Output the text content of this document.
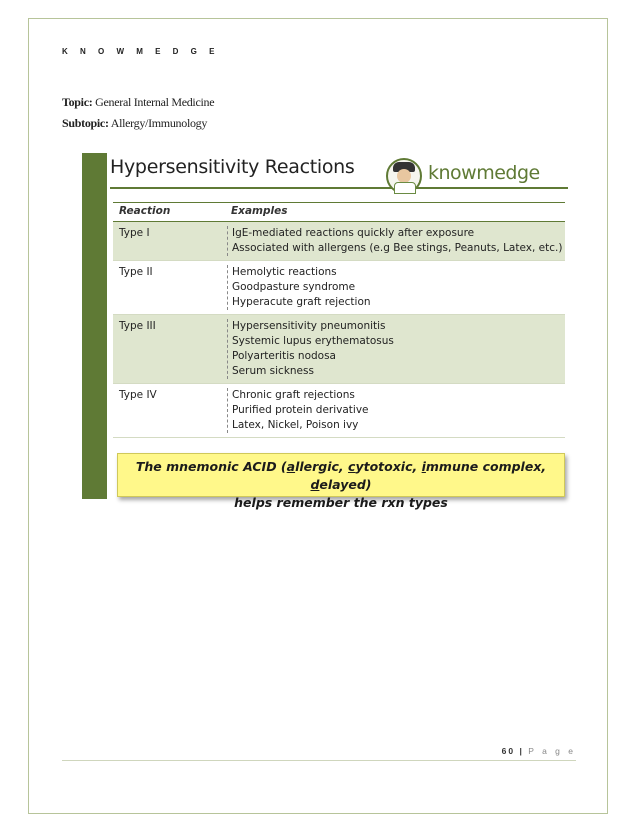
K N O W M E D G E
Topic: General Internal Medicine
Subtopic: Allergy/Immunology
Hypersensitivity Reactions	knowmedge
Reaction	Examples
Type I	IgE-mediated reactions quickly after exposure
Associated with allergens (e.g Bee stings, Peanuts, Latex, etc.)
Type II	Hemolytic reactions
Goodpasture syndrome
Hyperacute graft rejection
Type III	Hypersensitivity pneumonitis
Systemic lupus erythematosus
Polyarteritis nodosa
Serum sickness
Type IV	Chronic graft rejections
Purified protein derivative
Latex, Nickel, Poison ivy
The mnemonic ACID (allergic, cytotoxic, immune complex, delayed)
helps remember the rxn types
60 | P a g e
